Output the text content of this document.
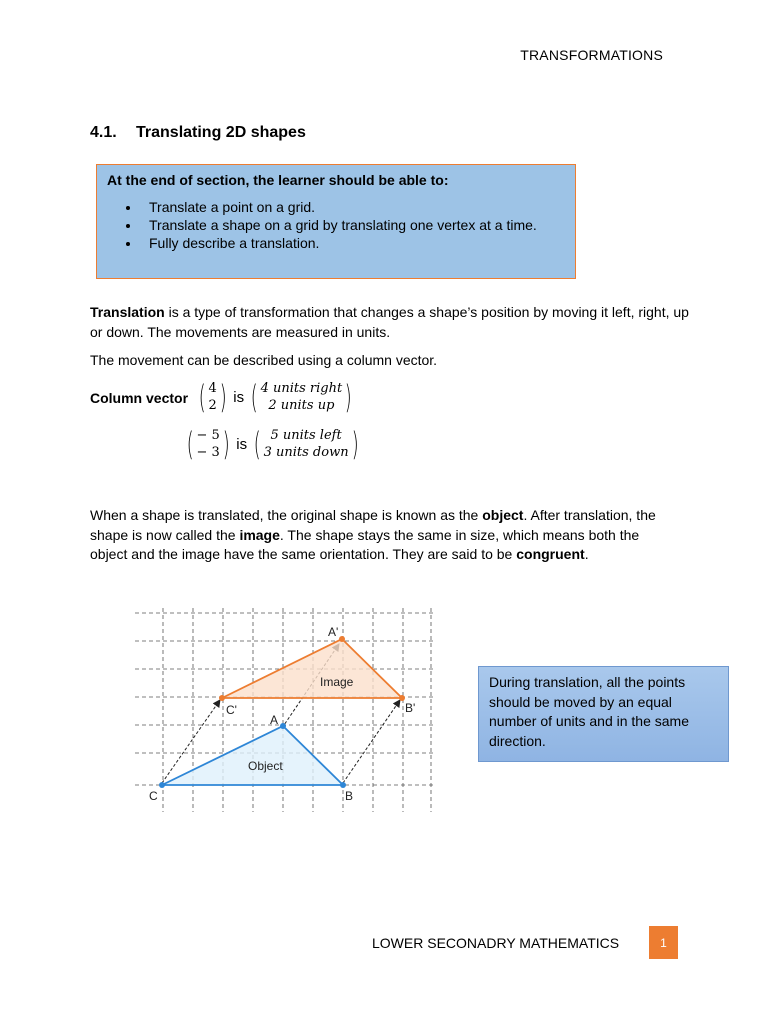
TRANSFORMATIONS
4.1. Translating 2D shapes
At the end of section, the learner should be able to:
• Translate a point on a grid.
• Translate a shape on a grid by translating one vertex at a time.
• Fully describe a translation.
Translation is a type of transformation that changes a shape’s position by moving it left, right, up or down. The movements are measured in units.
The movement can be described using a column vector.
Column vector ( 4
2 ) is ( 4 units right
2 units up )
( − 5
− 3 ) is ( 5 units left
3 units down )
When a shape is translated, the original shape is known as the object. After translation, the shape is now called the image. The shape stays the same in size, which means both the object and the image have the same orientation. They are said to be congruent.
Image
Object
A'
B'
C'
A
B
C
During translation, all the points should be moved by an equal number of units and in the same direction.
LOWER SECONADRY MATHEMATICS	1
